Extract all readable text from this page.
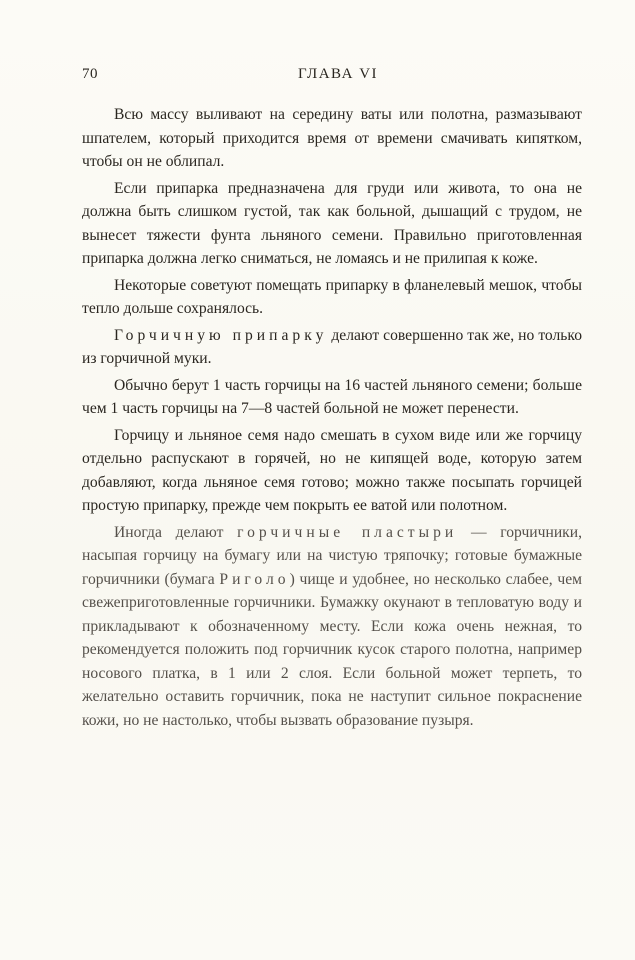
70	ГЛАВА VI

Всю массу выливают на середину ваты или полотна, размазывают шпателем, который приходится время от времени смачивать кипятком, чтобы он не облипал.

Если припарка предназначена для груди или живота, то она не должна быть слишком густой, так как больной, дышащий с трудом, не вынесет тяжести фунта льняного семени. Правильно приготовленная припарка должна легко сниматься, не ломаясь и не прилипая к коже.

Некоторые советуют помещать припарку в фланелевый мешок, чтобы тепло дольше сохранялось.

Горчичную припарку делают совершенно так же, но только из горчичной муки.

Обычно берут 1 часть горчицы на 16 частей льняного семени; больше чем 1 часть горчицы на 7—8 частей больной не может перенести.

Горчицу и льняное семя надо смешать в сухом виде или же горчицу отдельно распускают в горячей, но не кипящей воде, которую затем добавляют, когда льняное семя готово; можно также посыпать горчицей простую припарку, прежде чем покрыть ее ватой или полотном.

Иногда делают горчичные пластыри — горчичники, насыпая горчицу на бумагу или на чистую тряпочку; готовые бумажные горчичники (бумага Риголо) чище и удобнее, но несколько слабее, чем свежеприготовленные горчичники. Бумажку окунают в тепловатую воду и прикладывают к обозначенному месту. Если кожа очень нежная, то рекомендуется положить под горчичник кусок старого полотна, например носового платка, в 1 или 2 слоя. Если больной может терпеть, то желательно оставить горчичник, пока не наступит сильное покраснение кожи, но не настолько, чтобы вызвать образование пузыря.
